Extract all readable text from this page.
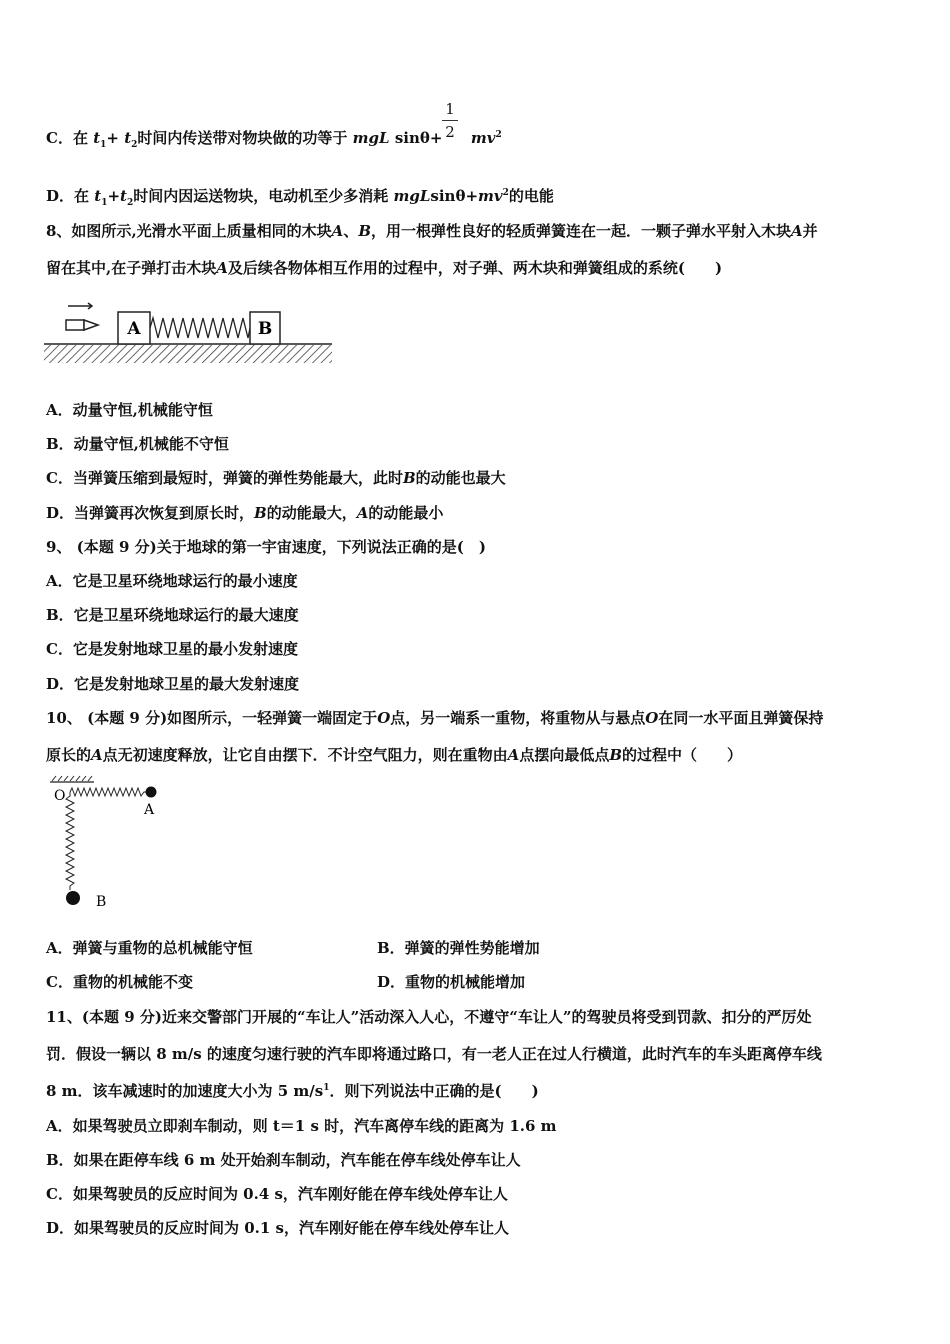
C．在 $t_1+ t_2$时间内传送带对物块做的功等于 mgL $\sin\theta+ mv^2$
1
2
D．在 $t_1+t_2$时间内因运送物块，电动机至少多消耗 $mgLsin\theta+mv^2$的电能
8、如图所示,光滑水平面上质量相同的木块A、B，用一根弹性良好的轻质弹簧连在一起．一颗子弹水平射入木块A并
留在其中,在子弹打击木块A及后续各物体相互作用的过程中，对子弹、两木块和弹簧组成的系统(　　)
A	B
A．动量守恒,机械能守恒
B．动量守恒,机械能不守恒
C．当弹簧压缩到最短时，弹簧的弹性势能最大，此时B的动能也最大
D．当弹簧再次恢复到原长时，B的动能最大，A的动能最小
9、 (本题 9 分)关于地球的第一宇宙速度，下列说法正确的是(　)
A．它是卫星环绕地球运行的最小速度
B．它是卫星环绕地球运行的最大速度
C．它是发射地球卫星的最小发射速度
D．它是发射地球卫星的最大发射速度
10、 (本题 9 分)如图所示，一轻弹簧一端固定于O点，另一端系一重物，将重物从与悬点O在同一水平面且弹簧保持
原长的A点无初速度释放，让它自由摆下．不计空气阻力，则在重物由A点摆向最低点B的过程中（　　）
O
A
B
A．弹簧与重物的总机械能守恒	B．弹簧的弹性势能增加
C．重物的机械能不变	D．重物的机械能增加
11、(本题 9 分)近来交警部门开展的“车让人”活动深入人心，不遵守“车让人”的驾驶员将受到罚款、扣分的严厉处
罚．假设一辆以 8 m/s 的速度匀速行驶的汽车即将通过路口，有一老人正在过人行横道，此时汽车的车头距离停车线
8 m．该车减速时的加速度大小为 5 $m/s^1$．则下列说法中正确的是(　　)
A．如果驾驶员立即刹车制动，则 t＝1 s 时，汽车离停车线的距离为 1.6 m
B．如果在距停车线 6 m 处开始刹车制动，汽车能在停车线处停车让人
C．如果驾驶员的反应时间为 0.4 s，汽车刚好能在停车线处停车让人
D．如果驾驶员的反应时间为 0.1 s，汽车刚好能在停车线处停车让人
